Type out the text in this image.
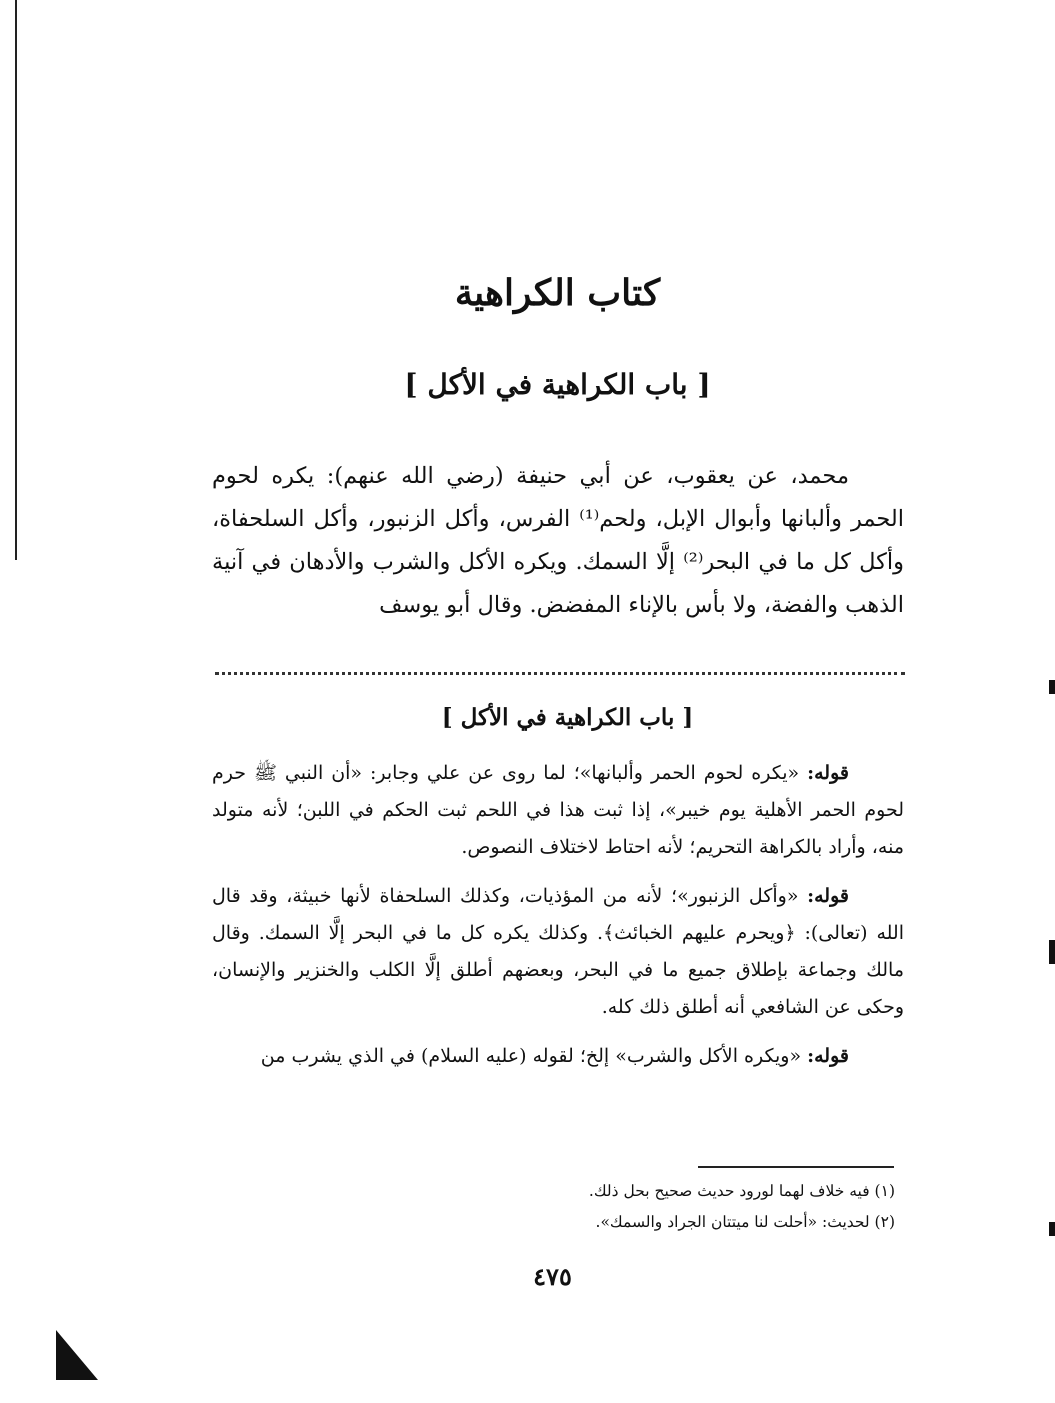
كتاب الكراهية
[ باب الكراهية في الأكل ]

محمد، عن يعقوب، عن أبي حنيفة (رضي الله عنهم): يكره لحوم الحمر وألبانها وأبوال الإبل، ولحم⁽¹⁾ الفرس، وأكل الزنبور، وأكل السلحفاة، وأكل كل ما في البحر⁽²⁾ إلَّا السمك. ويكره الأكل والشرب والأدهان في آنية الذهب والفضة، ولا بأس بالإناء المفضض. وقال أبو يوسف

[ باب الكراهية في الأكل ]

قوله: «يكره لحوم الحمر وألبانها»؛ لما روى عن علي وجابر: «أن النبي ﷺ حرم لحوم الحمر الأهلية يوم خيبر»، إذا ثبت هذا في اللحم ثبت الحكم في اللبن؛ لأنه متولد منه، وأراد بالكراهة التحريم؛ لأنه احتاط لاختلاف النصوص.

قوله: «وأكل الزنبور»؛ لأنه من المؤذيات، وكذلك السلحفاة لأنها خبيثة، وقد قال الله (تعالى): ﴿ويحرم عليهم الخبائث﴾. وكذلك يكره كل ما في البحر إلَّا السمك. وقال مالك وجماعة بإطلاق جميع ما في البحر، وبعضهم أطلق إلَّا الكلب والخنزير والإنسان، وحكى عن الشافعي أنه أطلق ذلك كله.

قوله: «ويكره الأكل والشرب» إلخ؛ لقوله (عليه السلام) في الذي يشرب من

(١) فيه خلاف لهما لورود حديث صحيح بحل ذلك.
(٢) لحديث: «أحلت لنا ميتتان الجراد والسمك».
٤٧٥
